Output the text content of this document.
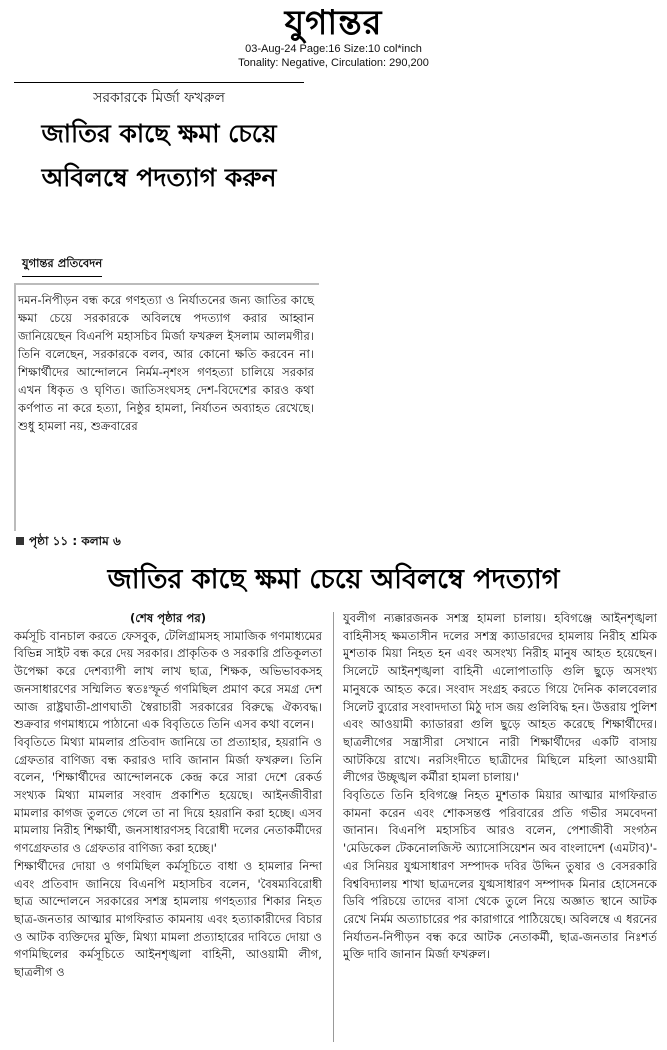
যুগান্তর
03-Aug-24 Page:16 Size:10 col*inch
Tonality: Negative, Circulation: 290,200
সরকারকে মির্জা ফখরুল
জাতির কাছে ক্ষমা চেয়ে অবিলম্বে পদত্যাগ করুন
যুগান্তর প্রতিবেদন
দমন-নিপীড়ন বন্ধ করে গণহত্যা ও নির্যাতনের জন্য জাতির কাছে ক্ষমা চেয়ে সরকারকে অবিলম্বে পদত্যাগ করার আহ্বান জানিয়েছেন বিএনপি মহাসচিব মির্জা ফখরুল ইসলাম আলমগীর। তিনি বলেছেন, সরকারকে বলব, আর কোনো ক্ষতি করবেন না। শিক্ষার্থীদের আন্দোলনে নির্মম-নৃশংস গণহত্যা চালিয়ে সরকার এখন ধিকৃত ও ঘৃণিত। জাতিসংঘসহ দেশ-বিদেশের কারও কথা কর্ণপাত না করে হত্যা, নিষ্ঠুর হামলা, নির্যাতন অব্যাহত রেখেছে। শুধু হামলা নয়, শুক্রবারের
পৃষ্ঠা ১১ : কলাম ৬
জাতির কাছে ক্ষমা চেয়ে অবিলম্বে পদত্যাগ

(শেষ পৃষ্ঠার পর)

কর্মসূচি বানচাল করতে ফেসবুক, টেলিগ্রামসহ সামাজিক গণমাধ্যমের বিভিন্ন সাইট বন্ধ করে দেয় সরকার। প্রাকৃতিক ও সরকারি প্রতিকূলতা উপেক্ষা করে দেশব্যাপী লাখ লাখ ছাত্র, শিক্ষক, অভিভাবকসহ জনসাধারণের সম্মিলিত স্বতঃস্ফূর্ত গণমিছিল প্রমাণ করে সমগ্র দেশ আজ রাষ্ট্রঘাতী-প্রাণঘাতী স্বৈরাচারী সরকারের বিরুদ্ধে ঐক্যবদ্ধ। শুক্রবার গণমাধ্যমে পাঠানো এক বিবৃতিতে তিনি এসব কথা বলেন।

বিবৃতিতে মিথ্যা মামলার প্রতিবাদ জানিয়ে তা প্রত্যাহার, হয়রানি ও গ্রেফতার বাণিজ্য বন্ধ করারও দাবি জানান মির্জা ফখরুল। তিনি বলেন, 'শিক্ষার্থীদের আন্দোলনকে কেন্দ্র করে সারা দেশে রেকর্ড সংখ্যক মিথ্যা মামলার সংবাদ প্রকাশিত হয়েছে। আইনজীবীরা মামলার কাগজ তুলতে গেলে তা না দিয়ে হয়রানি করা হচ্ছে। এসব মামলায় নিরীহ শিক্ষার্থী, জনসাধারণসহ বিরোধী দলের নেতাকর্মীদের গণগ্রেফতার ও গ্রেফতার বাণিজ্য করা হচ্ছে।'

শিক্ষার্থীদের দোয়া ও গণমিছিল কর্মসূচিতে বাধা ও হামলার নিন্দা এবং প্রতিবাদ জানিয়ে বিএনপি মহাসচিব বলেন, 'বৈষম্যবিরোধী ছাত্র আন্দোলনে সরকারের সশস্ত্র হামলায় গণহত্যার শিকার নিহত ছাত্র-জনতার আত্মার মাগফিরাত কামনায় এবং হত্যাকারীদের বিচার ও আটক ব্যক্তিদের মুক্তি, মিথ্যা মামলা প্রত্যাহারের দাবিতে দোয়া ও গণমিছিলের কর্মসূচিতে আইনশৃঙ্খলা বাহিনী, আওয়ামী লীগ, ছাত্রলীগ ও

যুবলীগ ন্যক্কারজনক সশস্ত্র হামলা চালায়। হবিগঞ্জে আইনশৃঙ্খলা বাহিনীসহ ক্ষমতাসীন দলের সশস্ত্র ক্যাডারদের হামলায় নিরীহ শ্রমিক মুশতাক মিয়া নিহত হন এবং অসংখ্য নিরীহ মানুষ আহত হয়েছেন। সিলেটে আইনশৃঙ্খলা বাহিনী এলোপাতাড়ি গুলি ছুড়ে অসংখ্য মানুষকে আহত করে। সংবাদ সংগ্রহ করতে গিয়ে দৈনিক কালবেলার সিলেট ব্যুরোর সংবাদদাতা মিঠু দাস জয় গুলিবিদ্ধ হন। উত্তরায় পুলিশ এবং আওয়ামী ক্যাডাররা গুলি ছুড়ে আহত করেছে শিক্ষার্থীদের। ছাত্রলীগের সন্ত্রাসীরা সেখানে নারী শিক্ষার্থীদের একটি বাসায় আটকিয়ে রাখে। নরসিংদীতে ছাত্রীদের মিছিলে মহিলা আওয়ামী লীগের উচ্ছৃঙ্খল কর্মীরা হামলা চালায়।'

বিবৃতিতে তিনি হবিগঞ্জে নিহত মুশতাক মিয়ার আত্মার মাগফিরাত কামনা করেন এবং শোকসন্তপ্ত পরিবারের প্রতি গভীর সমবেদনা জানান। বিএনপি মহাসচিব আরও বলেন, পেশাজীবী সংগঠন 'মেডিকেল টেকনোলজিস্ট অ্যাসোসিয়েশন অব বাংলাদেশ (এমটাব)'-এর সিনিয়র যুগ্মসাধারণ সম্পাদক দবির উদ্দিন তুষার ও বেসরকারি বিশ্ববিদ্যালয় শাখা ছাত্রদলের যুগ্মসাধারণ সম্পাদক মিনার হোসেনকে ডিবি পরিচয়ে তাদের বাসা থেকে তুলে নিয়ে অজ্ঞাত স্থানে আটক রেখে নির্মম অত্যাচারের পর কারাগারে পাঠিয়েছে। অবিলম্বে এ ধরনের নির্যাতন-নিপীড়ন বন্ধ করে আটক নেতাকর্মী, ছাত্র-জনতার নিঃশর্ত মুক্তি দাবি জানান মির্জা ফখরুল।
